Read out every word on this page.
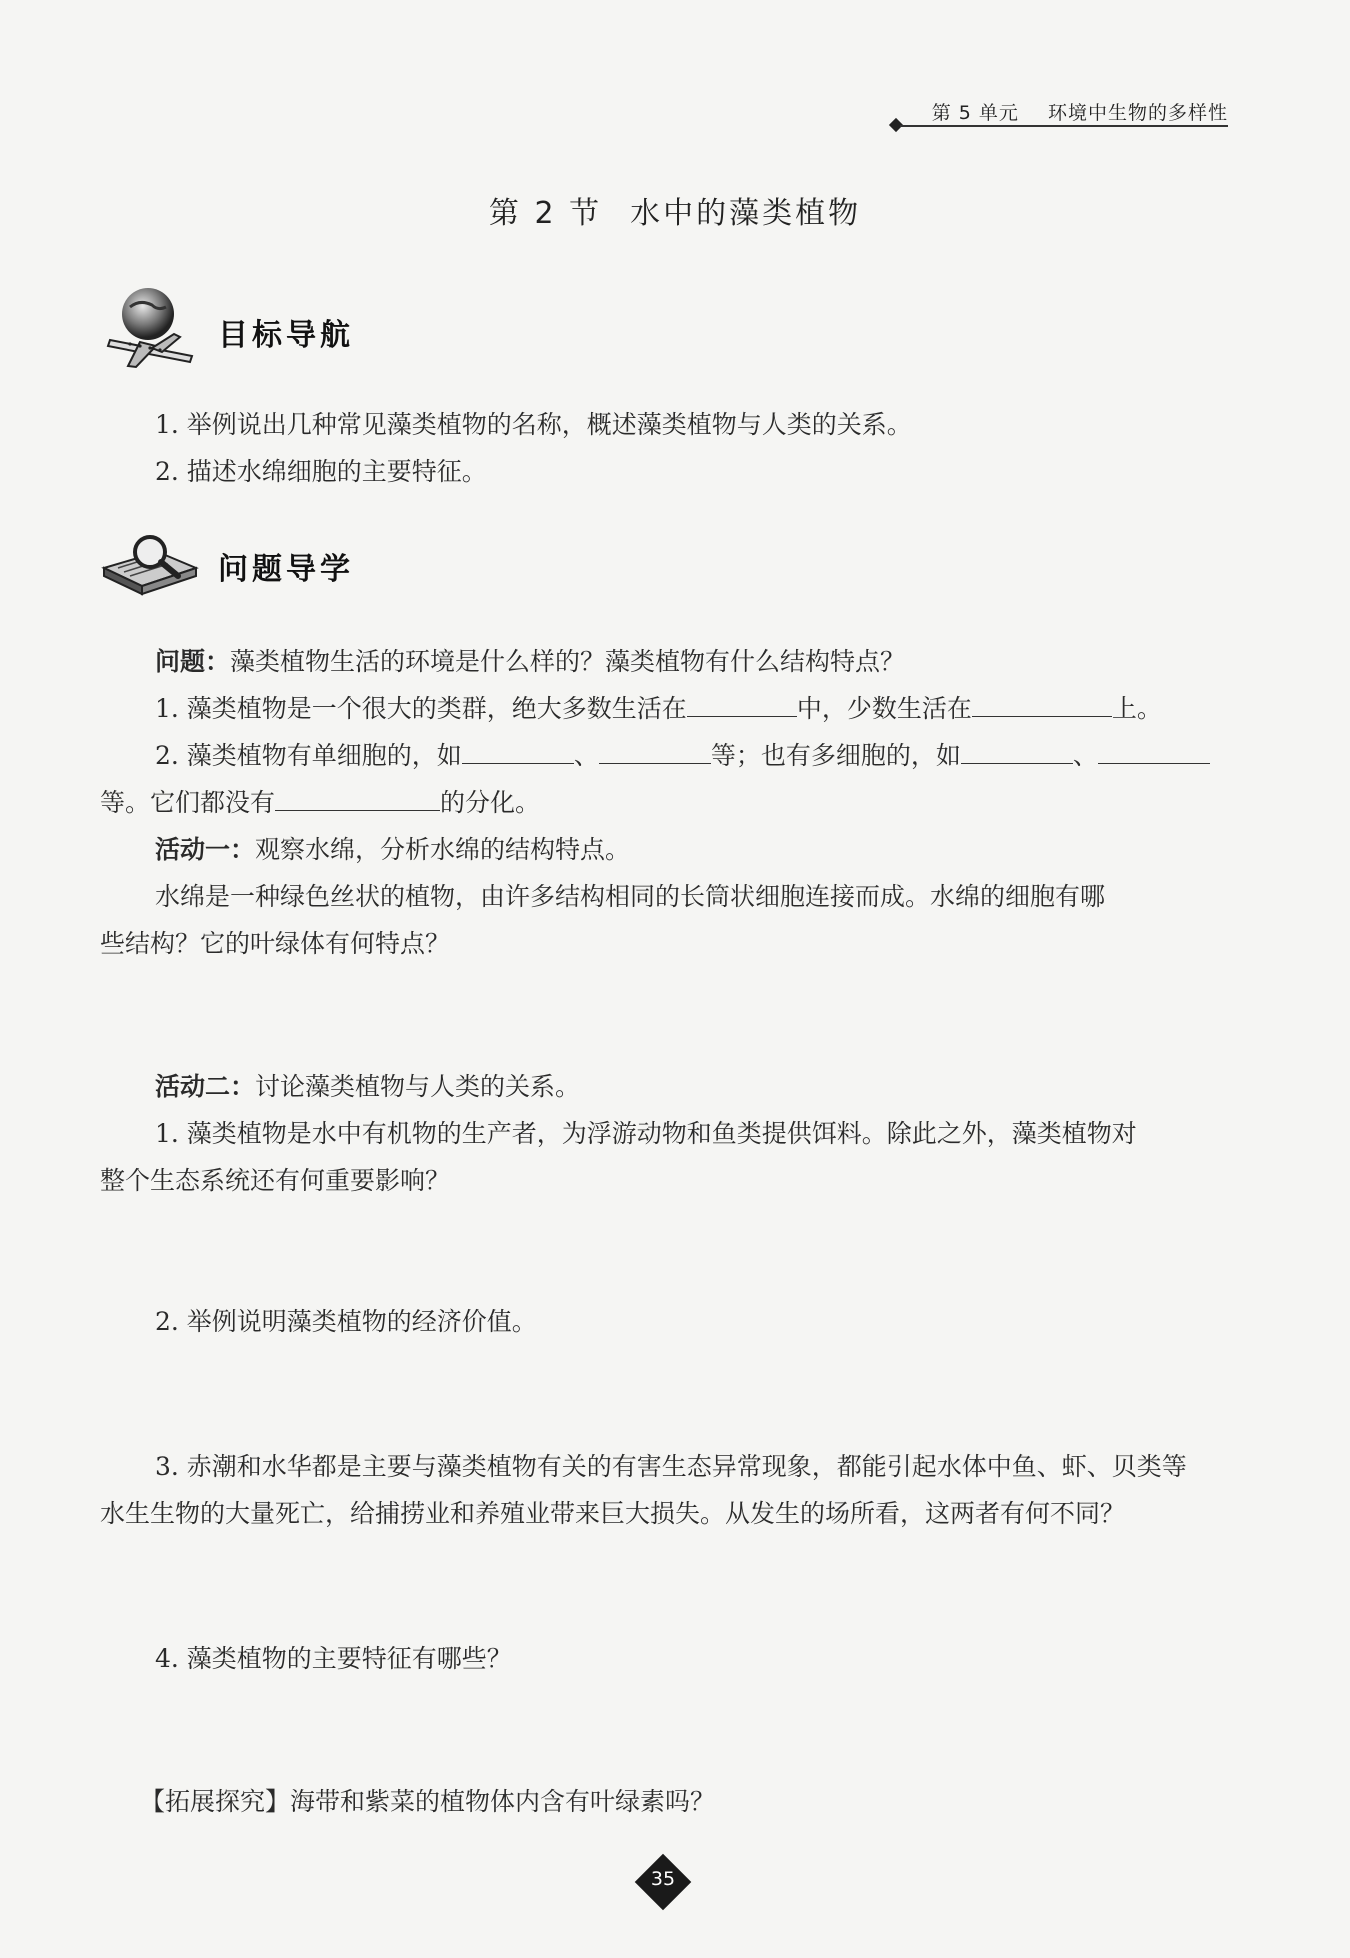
第 5 单元 环境中生物的多样性
第 2 节 水中的藻类植物
目标导航
1. 举例说出几种常见藻类植物的名称，概述藻类植物与人类的关系。
2. 描述水绵细胞的主要特征。
问题导学
问题：藻类植物生活的环境是什么样的？藻类植物有什么结构特点？
1. 藻类植物是一个很大的类群，绝大多数生活在	中，少数生活在	上。
2. 藻类植物有单细胞的，如	、	等；也有多细胞的，如	、
等。它们都没有	的分化。
活动一：观察水绵，分析水绵的结构特点。
水绵是一种绿色丝状的植物，由许多结构相同的长筒状细胞连接而成。水绵的细胞有哪
些结构？它的叶绿体有何特点？
活动二：讨论藻类植物与人类的关系。
1. 藻类植物是水中有机物的生产者，为浮游动物和鱼类提供饵料。除此之外，藻类植物对
整个生态系统还有何重要影响？
2. 举例说明藻类植物的经济价值。
3. 赤潮和水华都是主要与藻类植物有关的有害生态异常现象，都能引起水体中鱼、虾、贝类等
水生生物的大量死亡，给捕捞业和养殖业带来巨大损失。从发生的场所看，这两者有何不同？
4. 藻类植物的主要特征有哪些？
【拓展探究】海带和紫菜的植物体内含有叶绿素吗？
35
